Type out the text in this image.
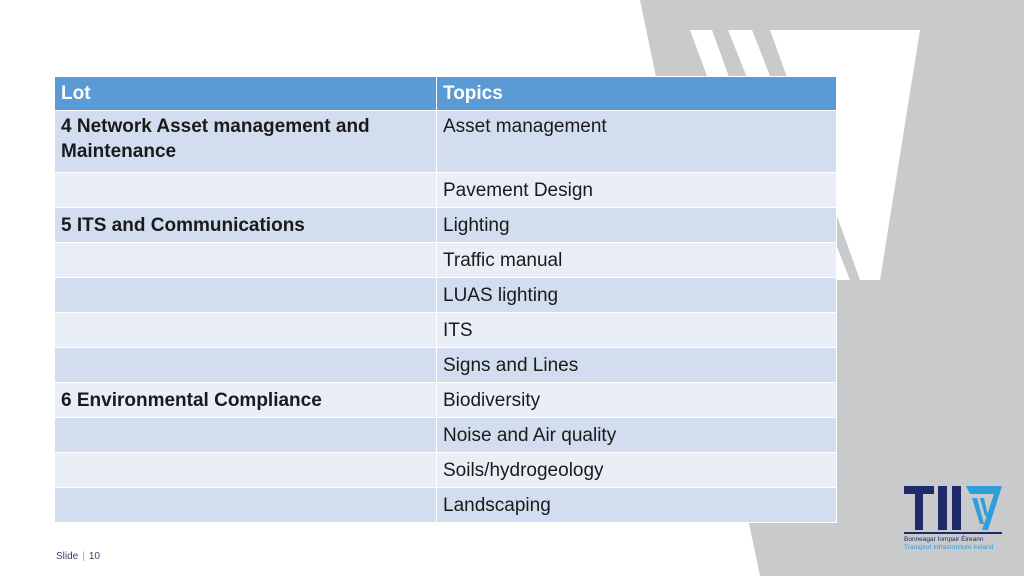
Lot	Topics
4 Network Asset management and Maintenance	Asset management
	Pavement Design
5 ITS and Communications	Lighting
	Traffic manual
	LUAS lighting
	ITS
	Signs and Lines
6 Environmental Compliance	Biodiversity
	Noise and Air quality
	Soils/hydrogeology
	Landscaping
Slide | 10
Bonneagar Iompair Éireann
Transport Infrastructure Ireland
